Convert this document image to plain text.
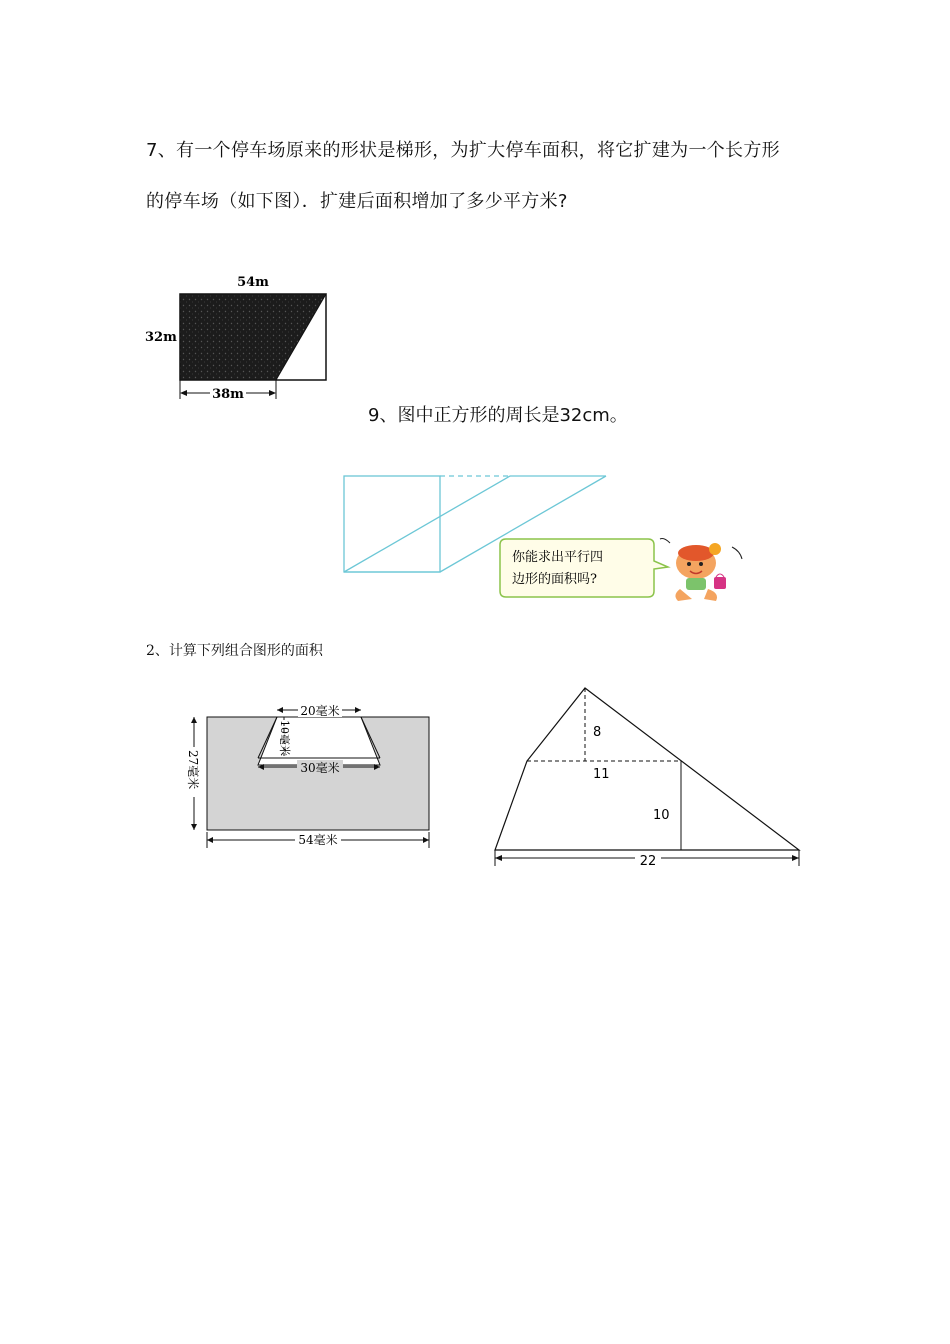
7、有一个停车场原来的形状是梯形，为扩大停车面积，将它扩建为一个长方形
的停车场（如下图）．扩建后面积增加了多少平方米?
54m
32m
38m
9、图中正方形的周长是32cm。
你能求出平行四
边形的面积吗?
2、计算下列组合图形的面积
20毫米
10毫米
30毫米
27毫米
54毫米
8
11
10
22
